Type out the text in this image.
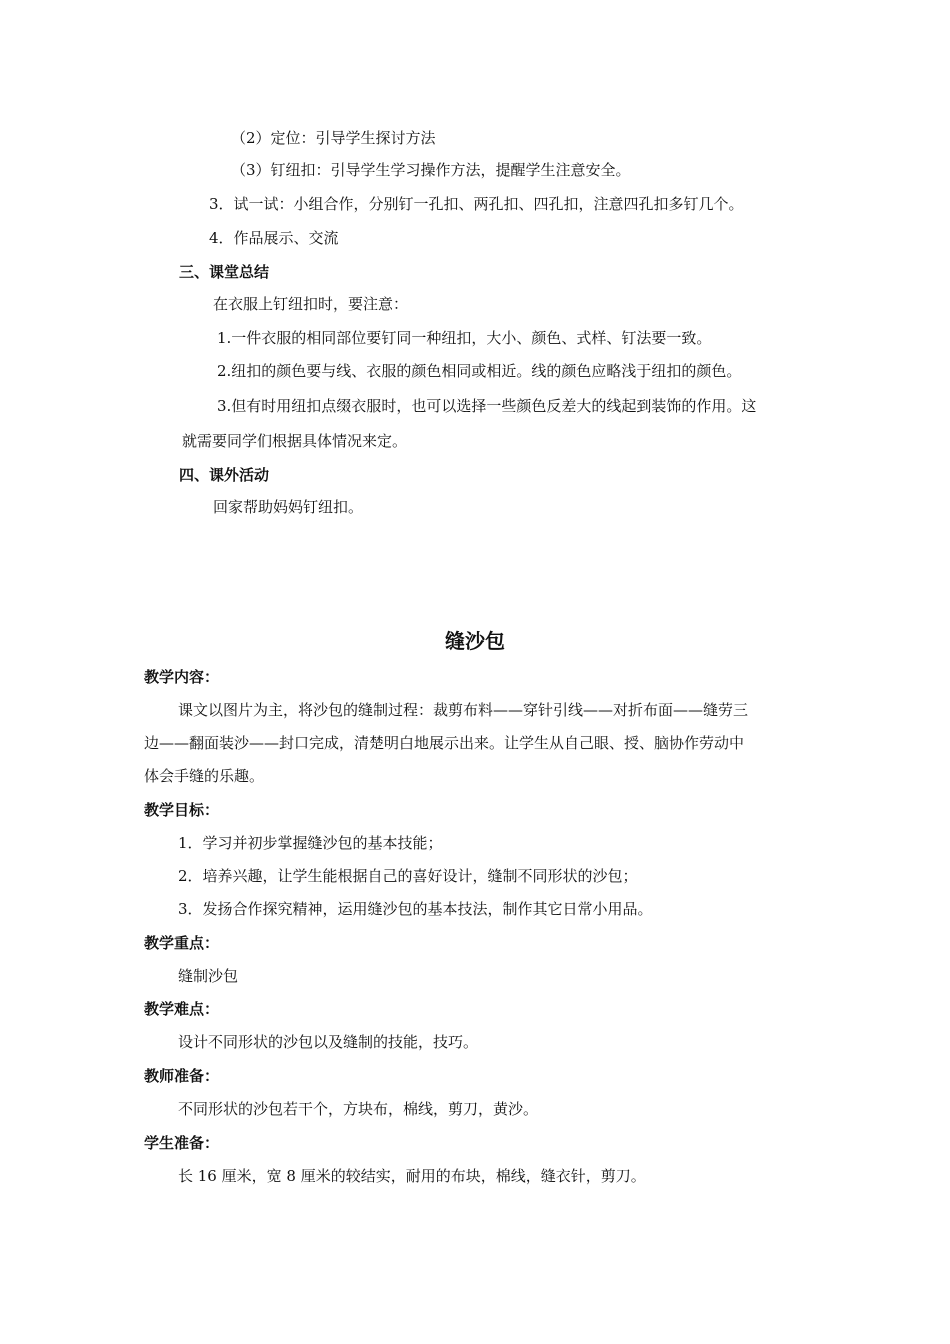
（2）定位：引导学生探讨方法
（3）钉纽扣：引导学生学习操作方法，提醒学生注意安全。
3．试一试：小组合作，分别钉一孔扣、两孔扣、四孔扣，注意四孔扣多钉几个。
4．作品展示、交流
三、课堂总结
在衣服上钉纽扣时，要注意：
1.一件衣服的相同部位要钉同一种纽扣，大小、颜色、式样、钉法要一致。
2.纽扣的颜色要与线、衣服的颜色相同或相近。线的颜色应略浅于纽扣的颜色。
3.但有时用纽扣点缀衣服时，也可以选择一些颜色反差大的线起到装饰的作用。这
就需要同学们根据具体情况来定。
四、课外活动
回家帮助妈妈钉纽扣。
缝沙包
教学内容：
课文以图片为主，将沙包的缝制过程：裁剪布料——穿针引线——对折布面——缝劳三
边——翻面装沙——封口完成，清楚明白地展示出来。让学生从自己眼、授、脑协作劳动中
体会手缝的乐趣。
教学目标：
1．学习并初步掌握缝沙包的基本技能；
2．培养兴趣，让学生能根据自己的喜好设计，缝制不同形状的沙包；
3．发扬合作探究精神，运用缝沙包的基本技法，制作其它日常小用品。
教学重点：
缝制沙包
教学难点：
设计不同形状的沙包以及缝制的技能，技巧。
教师准备：
不同形状的沙包若干个，方块布，棉线，剪刀，黄沙。
学生准备：
长 16 厘米，宽 8 厘米的较结实，耐用的布块，棉线，缝衣针，剪刀。
